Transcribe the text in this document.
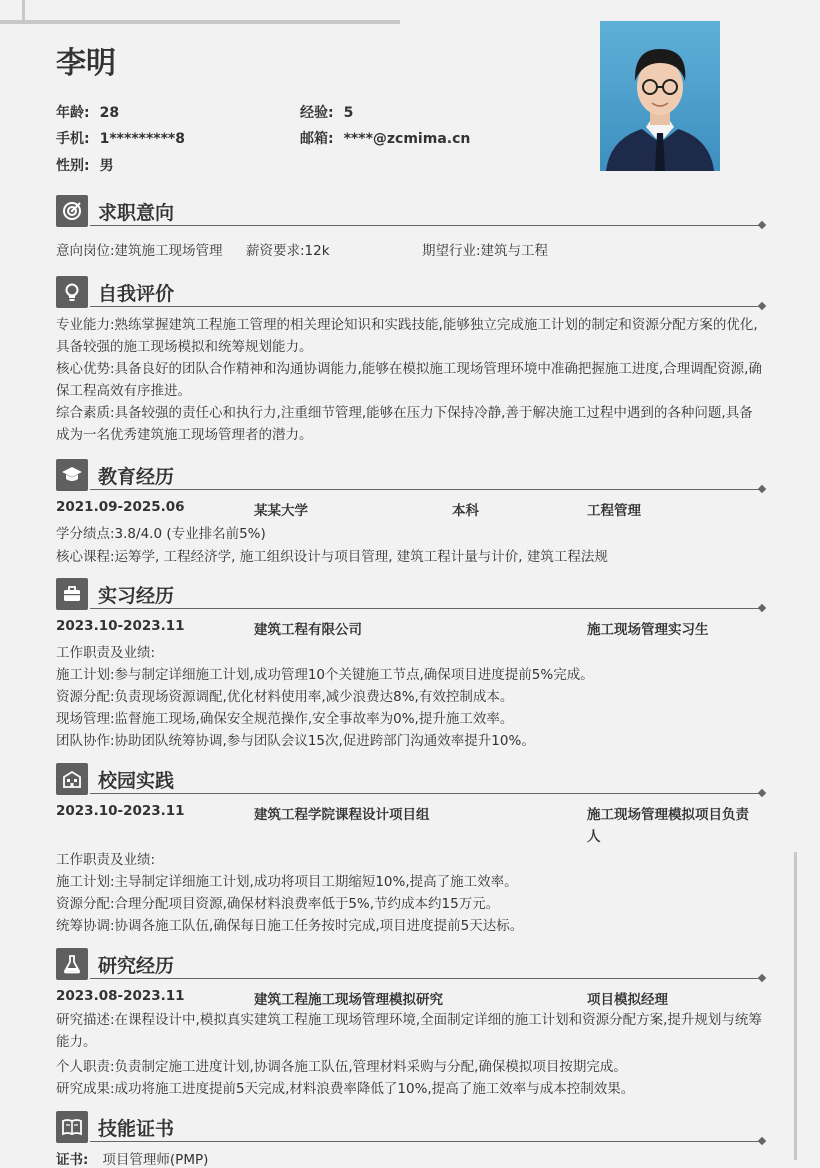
李明
年龄: 28	经验: 5
手机: 1*********8	邮箱: ****@zcmima.cn
性别: 男
求职意向
意向岗位:建筑施工现场管理 薪资要求:12k	期望行业:建筑与工程
自我评价

专业能力:熟练掌握建筑工程施工管理的相关理论知识和实践技能,能够独立完成施工计划的制定和资源分配方案的优化,具备较强的施工现场模拟和统筹规划能力。

核心优势:具备良好的团队合作精神和沟通协调能力,能够在模拟施工现场管理环境中准确把握施工进度,合理调配资源,确保工程高效有序推进。

综合素质:具备较强的责任心和执行力,注重细节管理,能够在压力下保持冷静,善于解决施工过程中遇到的各种问题,具备成为一名优秀建筑施工现场管理者的潜力。

教育经历
2021.09-2025.06	某某大学	本科	工程管理
学分绩点:3.8/4.0 (专业排名前5%)
核心课程:运筹学, 工程经济学, 施工组织设计与项目管理, 建筑工程计量与计价, 建筑工程法规
实习经历
2023.10-2023.11	建筑工程有限公司	施工现场管理实习生
工作职责及业绩:
施工计划:参与制定详细施工计划,成功管理10个关键施工节点,确保项目进度提前5%完成。
资源分配:负责现场资源调配,优化材料使用率,减少浪费达8%,有效控制成本。
现场管理:监督施工现场,确保安全规范操作,安全事故率为0%,提升施工效率。
团队协作:协助团队统筹协调,参与团队会议15次,促进跨部门沟通效率提升10%。
校园实践
2023.10-2023.11	建筑工程学院课程设计项目组	施工现场管理模拟项目负责
人
工作职责及业绩:
施工计划:主导制定详细施工计划,成功将项目工期缩短10%,提高了施工效率。
资源分配:合理分配项目资源,确保材料浪费率低于5%,节约成本约15万元。
统筹协调:协调各施工队伍,确保每日施工任务按时完成,项目进度提前5天达标。
研究经历
2023.08-2023.11	建筑工程施工现场管理模拟研究	项目模拟经理

研究描述:在课程设计中,模拟真实建筑工程施工现场管理环境,全面制定详细的施工计划和资源分配方案,提升规划与统筹能力。

个人职责:负责制定施工进度计划,协调各施工队伍,管理材料采购与分配,确保模拟项目按期完成。
研究成果:成功将施工进度提前5天完成,材料浪费率降低了10%,提高了施工效率与成本控制效果。
技能证书
证书: 项目管理师(PMP)
